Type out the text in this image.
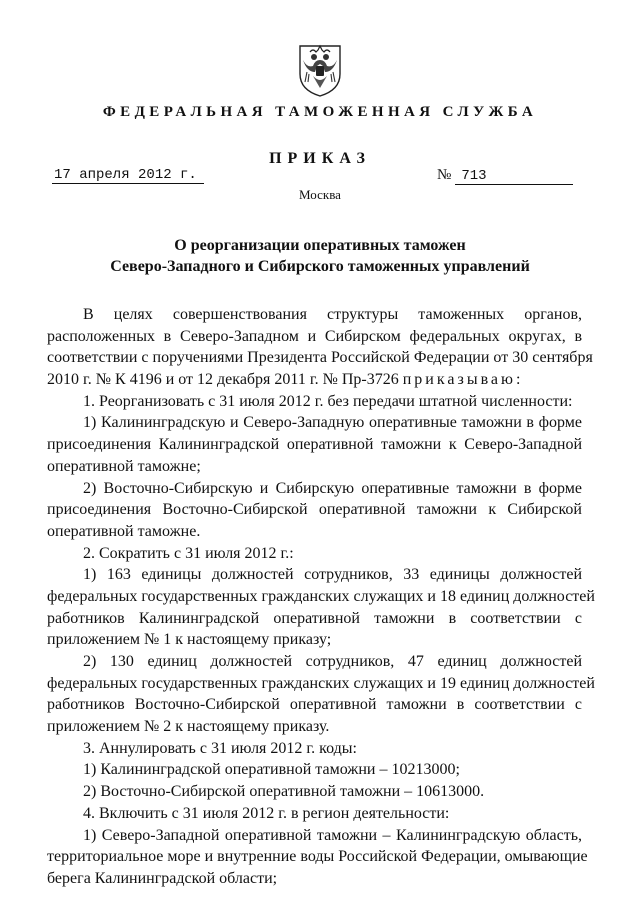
ФЕДЕРАЛЬНАЯ ТАМОЖЕННАЯ СЛУЖБА
ПРИКАЗ
17 апреля 2012 г.	№ 713
Москва
О реорганизации оперативных таможен
Северо-Западного и Сибирского таможенных управлений
В целях совершенствования структуры таможенных органов,
расположенных в Северо-Западном и Сибирском федеральных округах, в
соответствии с поручениями Президента Российской Федерации от 30 сентября
2010 г. № К 4196 и от 12 декабря 2011 г. № Пр-3726 приказываю:
1. Реорганизовать с 31 июля 2012 г. без передачи штатной численности:
1) Калининградскую и Северо-Западную оперативные таможни в форме
присоединения Калининградской оперативной таможни к Северо-Западной
оперативной таможне;
2) Восточно-Сибирскую и Сибирскую оперативные таможни в форме
присоединения Восточно-Сибирской оперативной таможни к Сибирской
оперативной таможне.
2. Сократить с 31 июля 2012 г.:
1) 163 единицы должностей сотрудников, 33 единицы должностей
федеральных государственных гражданских служащих и 18 единиц должностей
работников Калининградской оперативной таможни в соответствии с
приложением № 1 к настоящему приказу;
2) 130 единиц должностей сотрудников, 47 единиц должностей
федеральных государственных гражданских служащих и 19 единиц должностей
работников Восточно-Сибирской оперативной таможни в соответствии с
приложением № 2 к настоящему приказу.
3. Аннулировать с 31 июля 2012 г. коды:
1) Калининградской оперативной таможни – 10213000;
2) Восточно-Сибирской оперативной таможни – 10613000.
4. Включить с 31 июля 2012 г. в регион деятельности:
1) Северо-Западной оперативной таможни – Калининградскую область,
территориальное море и внутренние воды Российской Федерации, омывающие
берега Калининградской области;
